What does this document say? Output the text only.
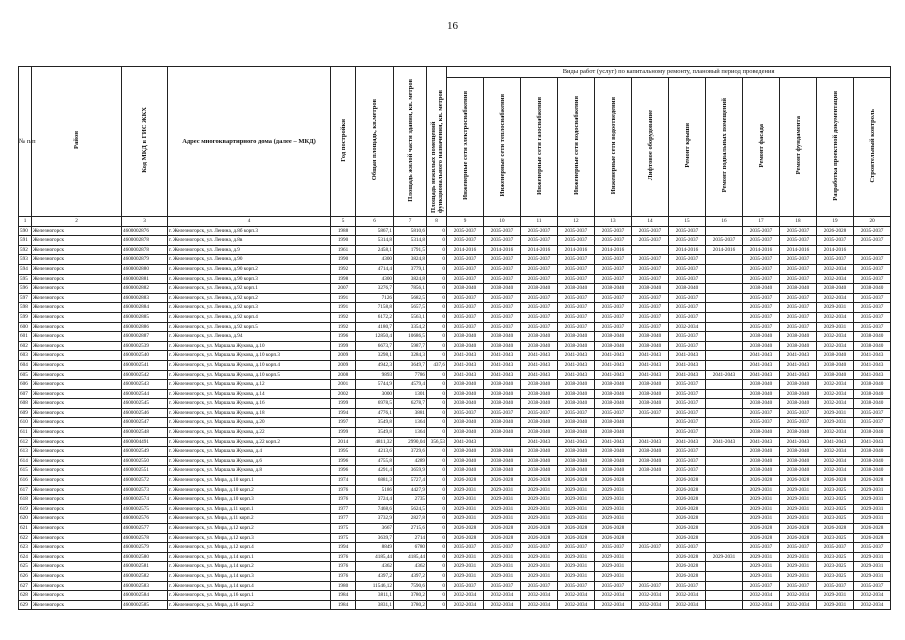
16
№ п/п	Район	Код МКД в ГИС ЖКХ	Адрес многоквартирного дома (далее – МКД)	Год постройки	Общая площадь, кв.метров	Площадь жилой части здания, кв. метров	Площадь нежилых помещений функционального назначения, кв. метров	Виды работ (услуг) по капитальному ремонту, плановый период проведения											
								Инженерные сети электроснабжения	Инженерные сети теплоснабжения	Инженерные сети газоснабжения	Инженерные сети водоснабжения	Инженерные сети водоотведения	Лифтовое оборудование	Ремонт крыши	Ремонт подвальных помещений	Ремонт фасада	Ремонт фундамента	Разработка проектной документации	Строительный контроль
1	2	3	4	5	6	7	8	9	10	11	12	13	14	15	16	17	18	19	20
590	Железногорск	4600002876	г. Железногорск, ул. Ленина, д.8б корп.3	1988	5867,1	5810,6	0	2035-2037	2035-2037	2035-2037	2035-2037	2035-2037	2035-2037	2035-2037		2035-2037	2035-2037	2026-2028	2035-2037
591	Железногорск	4600002878	г. Железногорск, ул. Ленина, д.8в	1990	5314,8	5314,8	0	2035-2037	2035-2037	2035-2037	2035-2037	2035-2037	2035-2037	2035-2037	2035-2037	2035-2037	2035-2037	2035-2037	2035-2037
592	Железногорск	4600002878	г. Железногорск, ул. Ленина, д.9	1961	2458,1	1791,5	0	2014-2016	2014-2016	2014-2016	2014-2016	2014-2016		2014-2016	2014-2016	2014-2016	2014-2016	2014-2016	
593	Железногорск	4600002879	г. Железногорск, ул. Ленина, д.90	1990	4300	3824,8	0	2035-2037	2035-2037	2035-2037	2035-2037	2035-2037	2035-2037	2035-2037		2035-2037	2035-2037	2035-2037	2035-2037
594	Железногорск	4600002880	г. Железногорск, ул. Ленина, д.90 корп.2	1992	4714,4	3779,1	0	2035-2037	2035-2037	2035-2037	2035-2037	2035-2037	2035-2037	2035-2037		2035-2037	2035-2037	2032-2034	2035-2037
595	Железногорск	4600002881	г. Железногорск, ул. Ленина, д.90 корп.3	1998	4300	3824,8	0	2035-2037	2035-2037	2035-2037	2035-2037	2035-2037	2035-2037	2035-2037		2035-2037	2035-2037	2032-2034	2035-2037
596	Железногорск	4600002882	г. Железногорск, ул. Ленина, д.92 корп.1	2007	3276,7	7856,1	0	2038-2040	2038-2040	2038-2040	2038-2040	2038-2040	2038-2040	2038-2040		2038-2040	2038-2040	2038-2040	2038-2040
597	Железногорск	4600002883	г. Железногорск, ул. Ленина, д.92 корп.2	1991	7126	5682,5	0	2035-2037	2035-2037	2035-2037	2035-2037	2035-2037	2035-2037	2035-2037		2035-2037	2035-2037	2032-2034	2035-2037
598	Железногорск	4600002884	г. Железногорск, ул. Ленина, д.92 корп.3	1991	7158,8	5657,5	0	2035-2037	2035-2037	2035-2037	2035-2037	2035-2037	2035-2037	2035-2037		2035-2037	2035-2037	2029-2031	2035-2037
599	Железногорск	4600002885	г. Железногорск, ул. Ленина, д.92 корп.4	1992	6172,2	5563,1	0	2035-2037	2035-2037	2035-2037	2035-2037	2035-2037	2035-2037	2035-2037		2035-2037	2035-2037	2032-2034	2035-2037
600	Железногорск	4600002886	г. Железногорск, ул. Ленина, д.92 корп.5	1992	4180,7	3354,2	0	2035-2037	2035-2037	2035-2037	2035-2037	2035-2037	2035-2037	2032-2034		2035-2037	2035-2037	2029-2031	2035-2037
601	Железногорск	4600002887	г. Железногорск, ул. Ленина, д.94	1996	12850,4	10686,5	0	2038-2040	2038-2040	2038-2040	2038-2040	2038-2040	2038-2040	2035-2037		2038-2040	2038-2040	2032-2034	2038-2040
602	Железногорск	4600002539	г. Железногорск, ул. Маршала Жукова, д.10	1999	6673,7	5987,7	0	2038-2040	2038-2040	2038-2040	2038-2040	2038-2040	2038-2040	2035-2037		2038-2040	2038-2040	2032-2034	2038-2040
603	Железногорск	4600002540	г. Железногорск, ул. Маршала Жукова, д.10 корп.3	2009	3298,1	3284,3	0	2041-2043	2041-2043	2041-2043	2041-2043	2041-2043	2041-2043	2041-2043		2041-2043	2041-2043	2038-2040	2041-2043
604	Железногорск	4600002541	г. Железногорск, ул. Маршала Жукова, д.10 корп.4	2009	4942,3	3649,7	437,6	2041-2043	2041-2043	2041-2043	2041-2043	2041-2043	2041-2043	2041-2043		2041-2043	2041-2043	2038-2040	2041-2043
605	Железногорск	4600002542	г. Железногорск, ул. Маршала Жукова, д.10 корп.5	2008	9893	7786	0	2041-2043	2041-2043	2041-2043	2041-2043	2041-2043	2041-2043	2041-2043	2041-2043	2041-2043	2041-2043	2038-2040	2041-2043
606	Железногорск	4600002543	г. Железногорск, ул. Маршала Жукова, д.12	2001	5744,9	4579,4	0	2038-2040	2038-2040	2038-2040	2038-2040	2038-2040	2038-2040	2035-2037		2038-2040	2038-2040	2032-2034	2038-2040
607	Железногорск	4600002544	г. Железногорск, ул. Маршала Жукова, д.14	2002	3000	1301	0	2038-2040	2038-2040	2038-2040	2038-2040	2038-2040	2038-2040	2035-2037		2038-2040	2038-2040	2032-2034	2038-2040
608	Железногорск	4600002545	г. Железногорск, ул. Маршала Жукова, д.16	1999	6978,5	6278,7	0	2038-2040	2038-2040	2038-2040	2038-2040	2038-2040	2038-2040	2035-2037		2038-2040	2038-2040	2032-2034	2038-2040
609	Железногорск	4600002546	г. Железногорск, ул. Маршала Жукова, д.18	1994	4776,1	3881	0	2035-2037	2035-2037	2035-2037	2035-2037	2035-2037	2035-2037	2035-2037		2035-2037	2035-2037	2029-2031	2035-2037
610	Железногорск	4600002547	г. Железногорск, ул. Маршала Жукова, д.20	1997	3549,8	1364	0	2038-2040	2038-2040	2038-2040	2038-2040	2038-2040		2035-2037		2035-2037	2035-2037	2029-2031	2035-2037
611	Железногорск	4600002548	г. Железногорск, ул. Маршала Жукова, д.22	1999	3549,8	1364	0	2038-2040	2038-2040	2038-2040	2038-2040	2038-2040		2035-2037		2038-2040	2038-2040	2032-2034	2038-2040
612	Железногорск	4600004491	г. Железногорск, ул. Маршала Жукова, д.22 корп.2	2014	4811,32	2990,04	356,53	2041-2043		2041-2043	2041-2043	2041-2043	2041-2043	2041-2043	2041-2043	2041-2043	2041-2043	2041-2043	2041-2043
613	Железногорск	4600002549	г. Железногорск, ул. Маршала Жукова, д.4	1995	4213,6	3729,6	0	2038-2040	2038-2040	2038-2040	2038-2040	2038-2040	2038-2040	2035-2037		2038-2040	2038-2040	2032-2034	2038-2040
614	Железногорск	4600002550	г. Железногорск, ул. Маршала Жукова, д.6	1996	4755,8	4289	0	2038-2040	2038-2040	2038-2040	2038-2040	2038-2040	2038-2040	2035-2037		2038-2040	2038-2040	2032-2034	2038-2040
615	Железногорск	4600002551	г. Железногорск, ул. Маршала Жукова, д.8	1996	4291,4	3659,9	0	2038-2040	2038-2040	2038-2040	2038-2040	2038-2040	2038-2040	2035-2037		2038-2040	2038-2040	2032-2034	2038-2040
616	Железногорск	4600002572	г. Железногорск, ул. Мира, д.10 корп.1	1974	6881,3	5727,4	0	2026-2028	2026-2028	2026-2028	2026-2028	2026-2028		2026-2028		2026-2028	2026-2028	2026-2028	2026-2028
617	Железногорск	4600002573	г. Железногорск, ул. Мира, д.10 корп.2	1976	5186	4427,9	0	2029-2031	2029-2031	2029-2031	2029-2031	2029-2031		2026-2028		2029-2031	2029-2031	2023-2025	2029-2031
618	Железногорск	4600002574	г. Железногорск, ул. Мира, д.10 корп.3	1976	3724,4	2735	0	2029-2031	2029-2031	2029-2031	2029-2031	2029-2031		2026-2028		2029-2031	2029-2031	2023-2025	2029-2031
619	Железногорск	4600002575	г. Железногорск, ул. Мира, д.11 корп.1	1977	7468,6	5624,5	0	2029-2031	2029-2031	2029-2031	2029-2031	2029-2031		2026-2028		2029-2031	2029-2031	2023-2025	2029-2031
620	Железногорск	4600002576	г. Железногорск, ул. Мира, д.11 корп.2	1977	3732,9	2827,8	0	2029-2031	2029-2031	2029-2031	2029-2031	2029-2031		2026-2028		2029-2031	2029-2031	2023-2025	2029-2031
621	Железногорск	4600002577	г. Железногорск, ул. Мира, д.12 корп.2	1975	3667	2715,6	0	2026-2028	2026-2028	2026-2028	2026-2028	2026-2028		2026-2028		2026-2028	2026-2028	2026-2028	2026-2028
622	Железногорск	4600002578	г. Железногорск, ул. Мира, д.12 корп.3	1975	3639,7	2714	0	2026-2028	2026-2028	2026-2028	2026-2028	2026-2028		2026-2028		2026-2028	2026-2028	2023-2025	2026-2028
623	Железногорск	4600002579	г. Железногорск, ул. Мира, д.12 корп.4	1994	8849	6780	0	2035-2037	2035-2037	2035-2037	2035-2037	2035-2037	2035-2037	2035-2037		2035-2037	2035-2037	2035-2037	2035-2037
624	Железногорск	4600002580	г. Железногорск, ул. Мира, д.14 корп.1	1976	4185,44	4185,44	0	2029-2031	2029-2031	2029-2031	2029-2031	2029-2031		2026-2028	2029-2031	2029-2031	2029-2031	2023-2025	2029-2031
625	Железногорск	4600002581	г. Железногорск, ул. Мира, д.14 корп.2	1976	4362	4362	0	2029-2031	2029-2031	2029-2031	2029-2031	2029-2031		2026-2028		2029-2031	2029-2031	2023-2025	2029-2031
626	Железногорск	4600002582	г. Железногорск, ул. Мира, д.14 корп.3	1976	4397,2	4397,2	0	2029-2031	2029-2031	2029-2031	2029-2031	2029-2031		2026-2028		2029-2031	2029-2031	2023-2025	2029-2031
627	Железногорск	4600002583	г. Железногорск, ул. Мира, д.14 корп.4	1980	11546,12	7590,6	0	2035-2037	2035-2037	2035-2037	2035-2037	2035-2037	2035-2037	2035-2037		2035-2037	2035-2037	2035-2037	2035-2037
628	Железногорск	4600002584	г. Железногорск, ул. Мира, д.16 корп.1	1984	3811,1	3780,2	0	2032-2034	2032-2034	2032-2034	2032-2034	2032-2034	2032-2034	2032-2034		2032-2034	2032-2034	2029-2031	2032-2034
629	Железногорск	4600002585	г. Железногорск, ул. Мира, д.16 корп.2	1984	3831,1	3780,2	0	2032-2034	2032-2034	2032-2034	2032-2034	2032-2034	2032-2034	2032-2034		2032-2034	2032-2034	2029-2031	2032-2034
